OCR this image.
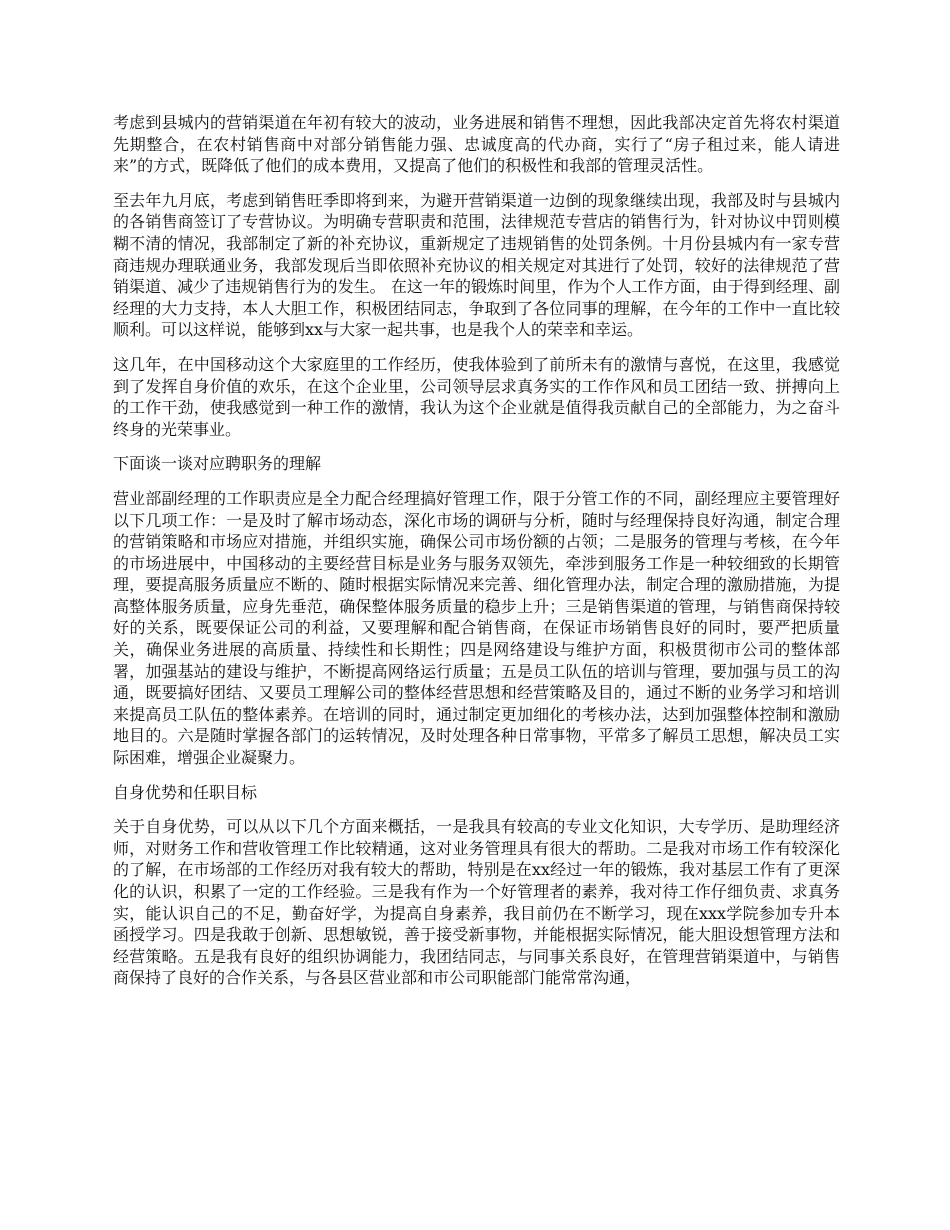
考虑到县城内的营销渠道在年初有较大的波动，业务进展和销售不理想，因此我部决定首先将农村渠道先期整合，在农村销售商中对部分销售能力强、忠诚度高的代办商，实行了“房子租过来，能人请进来”的方式，既降低了他们的成本费用，又提高了他们的积极性和我部的管理灵活性。

至去年九月底，考虑到销售旺季即将到来，为避开营销渠道一边倒的现象继续出现，我部及时与县城内的各销售商签订了专营协议。为明确专营职责和范围，法律规范专营店的销售行为，针对协议中罚则模糊不清的情况，我部制定了新的补充协议，重新规定了违规销售的处罚条例。十月份县城内有一家专营商违规办理联通业务，我部发现后当即依照补充协议的相关规定对其进行了处罚，较好的法律规范了营销渠道、减少了违规销售行为的发生。 在这一年的锻炼时间里，作为个人工作方面，由于得到经理、副经理的大力支持，本人大胆工作，积极团结同志，争取到了各位同事的理解，在今年的工作中一直比较顺利。可以这样说，能够到xx与大家一起共事，也是我个人的荣幸和幸运。

这几年，在中国移动这个大家庭里的工作经历，使我体验到了前所未有的激情与喜悦，在这里，我感觉到了发挥自身价值的欢乐，在这个企业里，公司领导层求真务实的工作作风和员工团结一致、拼搏向上的工作干劲，使我感觉到一种工作的激情，我认为这个企业就是值得我贡献自己的全部能力，为之奋斗终身的光荣事业。

下面谈一谈对应聘职务的理解

营业部副经理的工作职责应是全力配合经理搞好管理工作，限于分管工作的不同，副经理应主要管理好以下几项工作：一是及时了解市场动态，深化市场的调研与分析，随时与经理保持良好沟通，制定合理的营销策略和市场应对措施，并组织实施，确保公司市场份额的占领；二是服务的管理与考核，在今年的市场进展中，中国移动的主要经营目标是业务与服务双领先，牵涉到服务工作是一种较细致的长期管理，要提高服务质量应不断的、随时根据实际情况来完善、细化管理办法，制定合理的激励措施，为提高整体服务质量，应身先垂范，确保整体服务质量的稳步上升；三是销售渠道的管理，与销售商保持较好的关系，既要保证公司的利益，又要理解和配合销售商，在保证市场销售良好的同时，要严把质量关，确保业务进展的高质量、持续性和长期性；四是网络建设与维护方面，积极贯彻市公司的整体部署，加强基站的建设与维护，不断提高网络运行质量；五是员工队伍的培训与管理，要加强与员工的沟通，既要搞好团结、又要员工理解公司的整体经营思想和经营策略及目的，通过不断的业务学习和培训来提高员工队伍的整体素养。在培训的同时，通过制定更加细化的考核办法，达到加强整体控制和激励地目的。六是随时掌握各部门的运转情况，及时处理各种日常事物，平常多了解员工思想，解决员工实际困难，增强企业凝聚力。

自身优势和任职目标

关于自身优势，可以从以下几个方面来概括，一是我具有较高的专业文化知识，大专学历、是助理经济师，对财务工作和营收管理工作比较精通，这对业务管理具有很大的帮助。二是我对市场工作有较深化的了解，在市场部的工作经历对我有较大的帮助，特别是在xx经过一年的锻炼，我对基层工作有了更深化的认识，积累了一定的工作经验。三是我有作为一个好管理者的素养，我对待工作仔细负责、求真务实，能认识自己的不足，勤奋好学，为提高自身素养，我目前仍在不断学习，现在xxx学院参加专升本函授学习。四是我敢于创新、思想敏锐，善于接受新事物，并能根据实际情况，能大胆设想管理方法和经营策略。五是我有良好的组织协调能力，我团结同志，与同事关系良好，在管理营销渠道中，与销售商保持了良好的合作关系，与各县区营业部和市公司职能部门能常常沟通，
